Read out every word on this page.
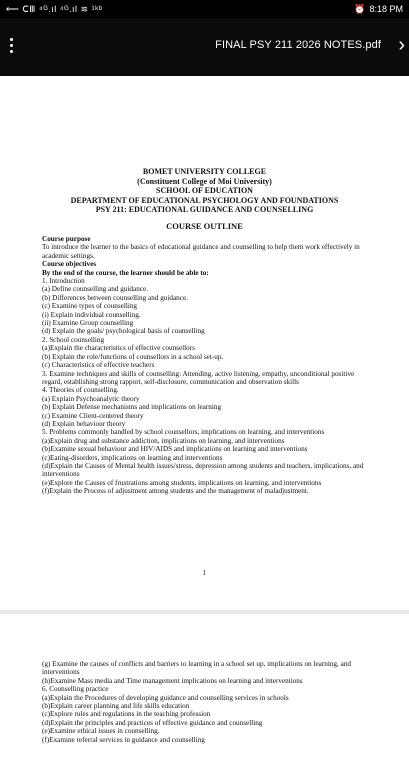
⟵ ⅭⅢ ⁴ᴳ.ıl ⁴ᴳ.ıl ≋ ¹ᵏᵇ	⏰ 8:18 PM
FINAL PSY 211 2026 NOTES.pdf ›
BOMET UNIVERSITY COLLEGE
(Constituent College of Moi University)
SCHOOL OF EDUCATION
DEPARTMENT OF EDUCATIONAL PSYCHOLOGY AND FOUNDATIONS
PSY 211: EDUCATIONAL GUIDANCE AND COUNSELLING
COURSE OUTLINE

Course purpose

To introduce the learner to the basics of educational guidance and counselling to help them work effectively in academic settings.

Course objectives

By the end of the course, the learner should be able to:

1. Introduction

(a) Define counselling and guidance.

(b) Differences between counselling and guidance.

(c) Examine types of counselling

(i) Explain individual counselling.

(ii) Examine Group counselling

(d) Explain the goals/ psychological basis of counselling

2. School counselling

(a)Explain the characteristics of effective counsellors

(b) Explain the role/functions of counsellors in a school set-up.

(c) Characteristics of effective teachers

3. Examine techniques and skills of counselling: Attending, active listening, empathy, unconditional positive regard, establishing strong rapport, self-disclosure, communication and observation skills

4. Theories of counselling.

(a) Explain Psychoanalytic theory

(b) Explain Defense mechanisms and implications on learning

(c) Examine Client-centered theory

(d) Explain behaviour theory

5. Problems commonly handled by school counsellors, implications on learning, and interventions

(a)Explain drug and substance addiction, implications on learning, and interventions

(b)Examine sexual behaviour and HIV/AIDS and implications on learning and interventions

(c)Eating-disorders, implications on learning and interventions

(d)Explain the Causes of Mental health issues/stress, depression among students and teachers, implications, and interventions

(e)Explore the Causes of frustrations among students, implications on learning, and interventions

(f)Explain the Process of adjustment among students and the management of maladjustment.

1

(g) Examine the causes of conflicts and barriers to learning in a school set up, implications on learning, and interventions

(h)Examine Mass media and Time management implications on learning and interventions

6. Counselling practice

(a)Explain the Procedures of developing guidance and counselling services in schools

(b)Explain career planning and life skills education

(c)Explore rules and regulations in the teaching profession

(d)Explain the principles and practices of effective guidance and counselling

(e)Examine ethical issues in counselling.

(f)Examine referral services in guidance and counselling
